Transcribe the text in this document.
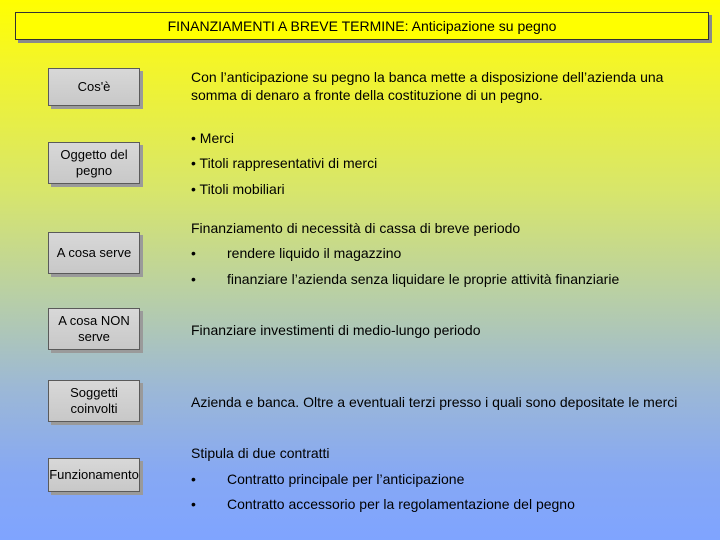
FINANZIAMENTI A BREVE TERMINE: Anticipazione su pegno
Cos'è
Oggetto del pegno
A cosa serve
A cosa NON serve
Soggetti coinvolti
Funzionamento
Con l’anticipazione su pegno la banca mette a disposizione dell’azienda una
somma di denaro a fronte della costituzione di un pegno.
• Merci
• Titoli rappresentativi di merci
• Titoli mobiliari
Finanziamento di necessità di cassa di breve periodo
• rendere liquido il magazzino
• finanziare l’azienda senza liquidare le proprie attività finanziarie
Finanziare investimenti di medio-lungo periodo
Azienda e banca. Oltre a eventuali terzi presso i quali sono depositate le merci
Stipula di due contratti
• Contratto principale per l’anticipazione
• Contratto accessorio per la regolamentazione del pegno
